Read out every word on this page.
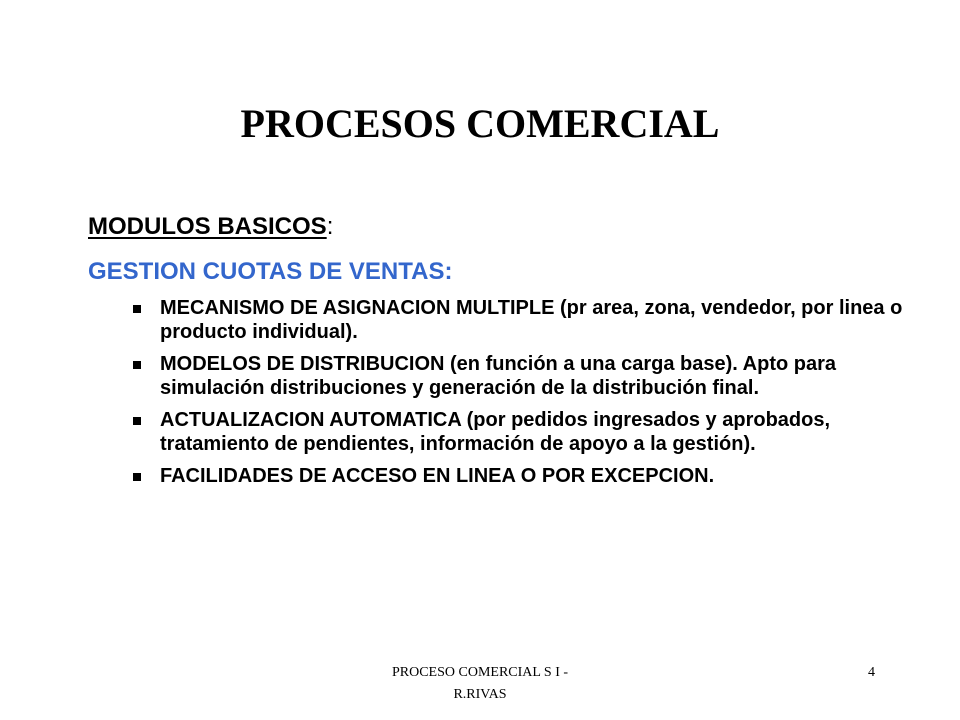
PROCESOS COMERCIAL
MODULOS BASICOS:
GESTION CUOTAS DE VENTAS:
MECANISMO DE ASIGNACION MULTIPLE (pr area, zona, vendedor, por linea o producto individual).
MODELOS DE DISTRIBUCION (en función a una carga base). Apto para simulación distribuciones y generación de la distribución final.
ACTUALIZACION AUTOMATICA (por pedidos ingresados y aprobados, tratamiento de pendientes, información de apoyo a la gestión).
FACILIDADES DE ACCESO EN LINEA O POR EXCEPCION.
PROCESO COMERCIAL S I -
R.RIVAS
4
